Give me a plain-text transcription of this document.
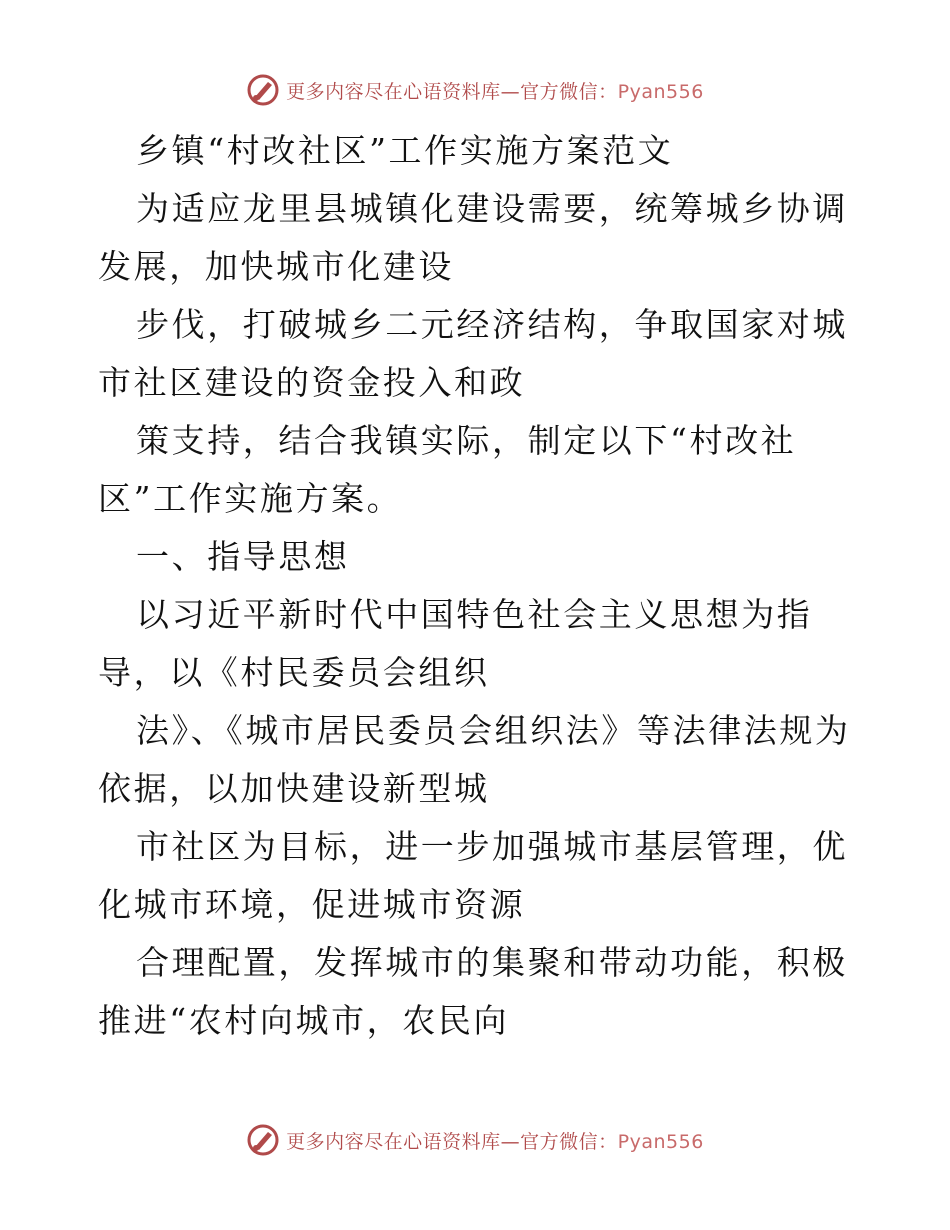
更多内容尽在心语资料库—官方微信：Pyan556

乡镇“村改社区”工作实施方案范文

为适应龙里县城镇化建设需要，统筹城乡协调发展，加快城市化建设

步伐，打破城乡二元经济结构，争取国家对城市社区建设的资金投入和政

策支持，结合我镇实际，制定以下“村改社区”工作实施方案。

一、指导思想

以习近平新时代中国特色社会主义思想为指导，以《村民委员会组织

法》、《城市居民委员会组织法》等法律法规为依据，以加快建设新型城

市社区为目标，进一步加强城市基层管理，优化城市环境，促进城市资源

合理配置，发挥城市的集聚和带动功能，积极推进“农村向城市，农民向

更多内容尽在心语资料库—官方微信：Pyan556
